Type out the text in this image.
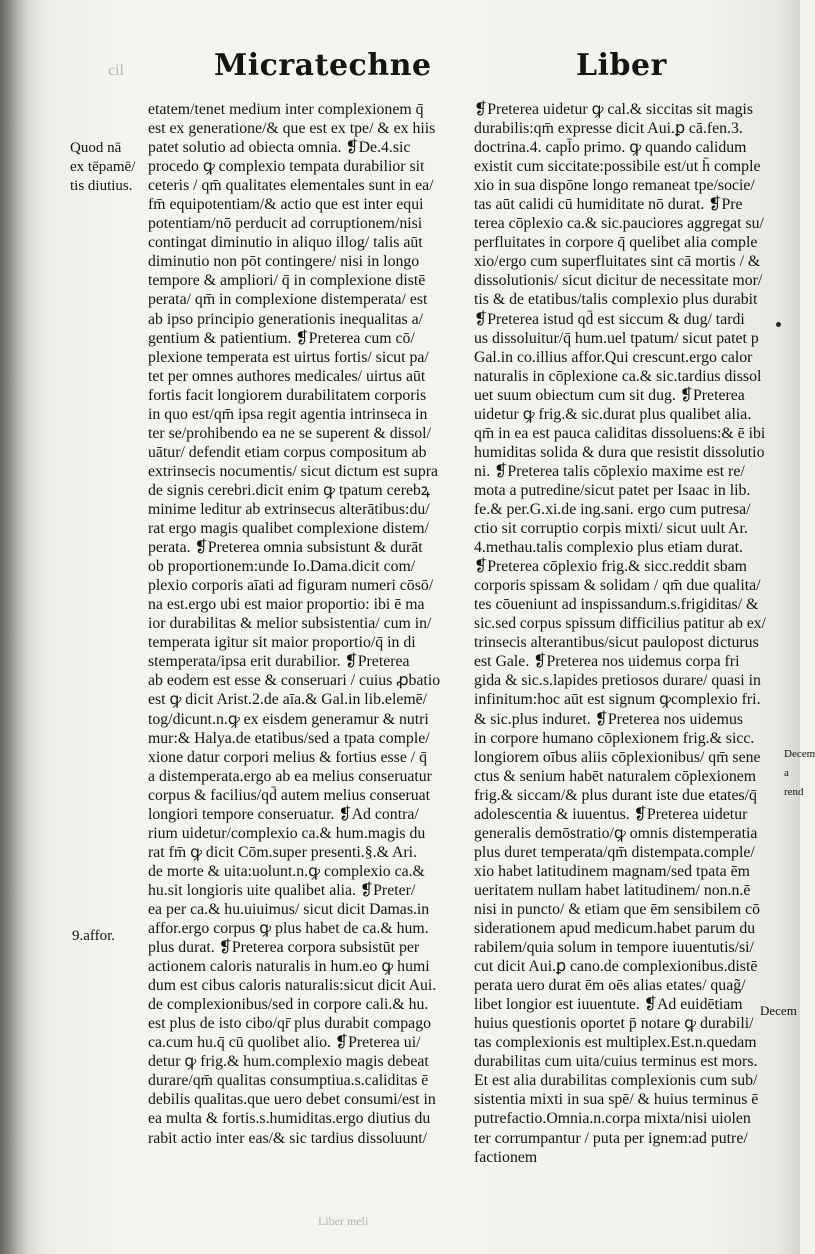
cil	Micratechne	Liber
Quod nā
ex tēpamē/
tis diutius.
9.affor.
Decem
Decem
a
rend
etatem/tenet medium inter complexionem q̄
est ex generatione/& que est ex tpe/ & ex hiis
patet solutio ad obiecta omnia. ❡De.4.sic
procedo ꝙ complexio tempata durabilior sit
ceteris / qm̄ qualitates elementales sunt in ea/
fm̄ equipotentiam/& actio que est inter equi
potentiam/nō perducit ad corruptionem/nisi
contingat diminutio in aliquo illog/ talis aūt
diminutio non pōt contingere/ nisi in longo
tempore & ampliori/ q̄ in complexione distē
perata/ qm̄ in complexione distemperata/ est
ab ipso principio generationis inequalitas a/
gentium & patientium. ❡Preterea cum cō/
plexione temperata est uirtus fortis/ sicut pa/
tet per omnes authores medicales/ uirtus aūt
fortis facit longiorem durabilitatem corporis
in quo est/qm̄ ipsa regit agentia intrinseca in
ter se/prohibendo ea ne se superent & dissol/
uātur/ defendit etiam corpus compositum ab
extrinsecis nocumentis/ sicut dictum est supra
de signis cerebri.dicit enim ꝙ tpatum cerebꝝ
minime leditur ab extrinsecus alterātibus:du/
rat ergo magis qualibet complexione distem/
perata. ❡Preterea omnia subsistunt & durāt
ob proportionem:unde Io.Dama.dicit com/
plexio corporis aīati ad figuram numeri cōsō/
na est.ergo ubi est maior proportio: ibi ē ma
ior durabilitas & melior subsistentia/ cum in/
temperata igitur sit maior proportio/q̄ in di
stemperata/ipsa erit durabilior. ❡Preterea
ab eodem est esse & conseruari / cuius ꝓbatio
est ꝙ dicit Arist.2.de aīa.& Gal.in lib.elemē/
tog/dicunt.n.ꝙ ex eisdem generamur & nutri
mur:& Halya.de etatibus/sed a tpata comple/
xione datur corpori melius & fortius esse / q̄
a distemperata.ergo ab ea melius conseruatur
corpus & facilius/qd̄ autem melius conseruat
longiori tempore conseruatur. ❡Ad contra/
rium uidetur/complexio ca.& hum.magis du
rat fm̄ ꝙ dicit Cōm.super presenti.§.& Ari.
de morte & uita:uolunt.n.ꝙ complexio ca.&
hu.sit longioris uite qualibet alia. ❡Preter/
ea per ca.& hu.uiuimus/ sicut dicit Damas.in
affor.ergo corpus ꝙ plus habet de ca.& hum.
plus durat. ❡Preterea corpora subsistūt per
actionem caloris naturalis in hum.eo ꝙ humi
dum est cibus caloris naturalis:sicut dicit Aui.
de complexionibus/sed in corpore cali.& hu.
est plus de isto cibo/qr̄ plus durabit compago
ca.cum hu.q̄ cū quolibet alio. ❡Preterea ui/
detur ꝙ frig.& hum.complexio magis debeat
durare/qm̄ qualitas consumptiua.s.caliditas ē
debilis qualitas.que uero debet consumi/est in
ea multa & fortis.s.humiditas.ergo diutius du
rabit actio inter eas/& sic tardius dissoluunt/
❡Preterea uidetur ꝙ cal.& siccitas sit magis
durabilis:qm̄ expresse dicit Aui.ꝑ cā.fen.3.
doctrina.4. capl̄o primo. ꝙ quando calidum
existit cum siccitate:possibile est/ut h̄ comple
xio in sua dispōne longo remaneat tpe/socie/
tas aūt calidi cū humiditate nō durat. ❡Pre
terea cōplexio ca.& sic.pauciores aggregat su/
perfluitates in corpore q̄ quelibet alia comple
xio/ergo cum superfluitates sint cā mortis / &
dissolutionis/ sicut dicitur de necessitate mor/
tis & de etatibus/talis complexio plus durabit
❡Preterea istud qd̄ est siccum & dug/ tardi
us dissoluitur/q̄ hum.uel tpatum/ sicut patet p
Gal.in co.illius affor.Qui crescunt.ergo calor
naturalis in cōplexione ca.& sic.tardius dissol
uet suum obiectum cum sit dug. ❡Preterea
uidetur ꝙ frig.& sic.durat plus qualibet alia.
qm̄ in ea est pauca caliditas dissoluens:& ē ibi
humiditas solida & dura que resistit dissolutio
ni. ❡Preterea talis cōplexio maxime est re/
mota a putredine/sicut patet per Isaac in lib.
fe.& per.G.xi.de ing.sani. ergo cum putresa/
ctio sit corruptio corpis mixti/ sicut uult Ar.
4.methau.talis complexio plus etiam durat.
❡Preterea cōplexio frig.& sicc.reddit sbam
corporis spissam & solidam / qm̄ due qualita/
tes cōueniunt ad inspissandum.s.frigiditas/ &
sic.sed corpus spissum difficilius patitur ab ex/
trinsecis alterantibus/sicut paulopost dicturus
est Gale. ❡Preterea nos uidemus corpa fri
gida & sic.s.lapides pretiosos durare/ quasi in
infinitum:hoc aūt est signum ꝙcomplexio fri.
& sic.plus induret. ❡Preterea nos uidemus
in corpore humano cōplexionem frig.& sicc.
longiorem oībus aliis cōplexionibus/ qm̄ sene
ctus & senium habēt naturalem cōplexionem
frig.& siccam/& plus durant iste due etates/q̄
adolescentia & iuuentus. ❡Preterea uidetur
generalis demōstratio/ꝙ omnis distemperatia
plus duret temperata/qm̄ distempata.comple/
xio habet latitudinem magnam/sed tpata ēm
ueritatem nullam habet latitudinem/ non.n.ē
nisi in puncto/ & etiam que ēm sensibilem cō
siderationem apud medicum.habet parum du
rabilem/quia solum in tempore iuuentutis/si/
cut dicit Aui.ꝑ cano.de complexionibus.distē
perata uero durat ēm oēs alias etates/ quag̃/
libet longior est iuuentute. ❡Ad euidētiam
huius questionis oportet p̄ notare ꝙ durabili/
tas complexionis est multiplex.Est.n.quedam
durabilitas cum uita/cuius terminus est mors.
Et est alia durabilitas complexionis cum sub/
sistentia mixti in sua spē/ & huius terminus ē
putrefactio.Omnia.n.corpa mixta/nisi uiolen
ter corrumpantur / puta per ignem:ad putre/
factionem
Liber meli
